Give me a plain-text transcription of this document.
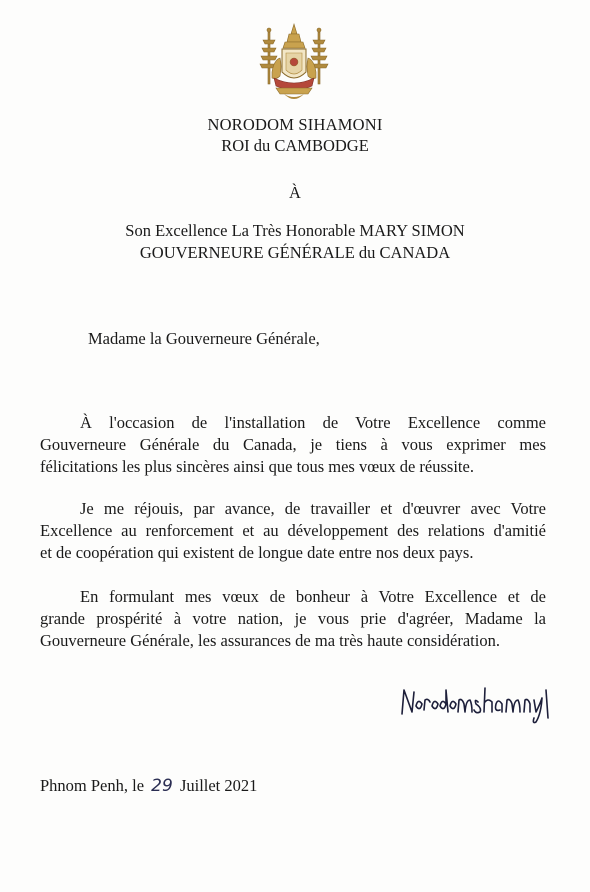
NORODOM SIHAMONI
ROI du CAMBODGE
À
Son Excellence La Très Honorable MARY SIMON
GOUVERNEURE GÉNÉRALE du CANADA
Madame la Gouverneure Générale,
À l'occasion de l'installation de Votre Excellence comme
Gouverneure Générale du Canada, je tiens à vous exprimer mes
félicitations les plus sincères ainsi que tous mes vœux de réussite.
Je me réjouis, par avance, de travailler et d'œuvrer avec Votre
Excellence au renforcement et au développement des relations d'amitié
et de coopération qui existent de longue date entre nos deux pays.
En formulant mes vœux de bonheur à Votre Excellence et de
grande prospérité à votre nation, je vous prie d'agréer, Madame la
Gouverneure Générale, les assurances de ma très haute considération.
Phnom Penh, le 29 Juillet 2021
